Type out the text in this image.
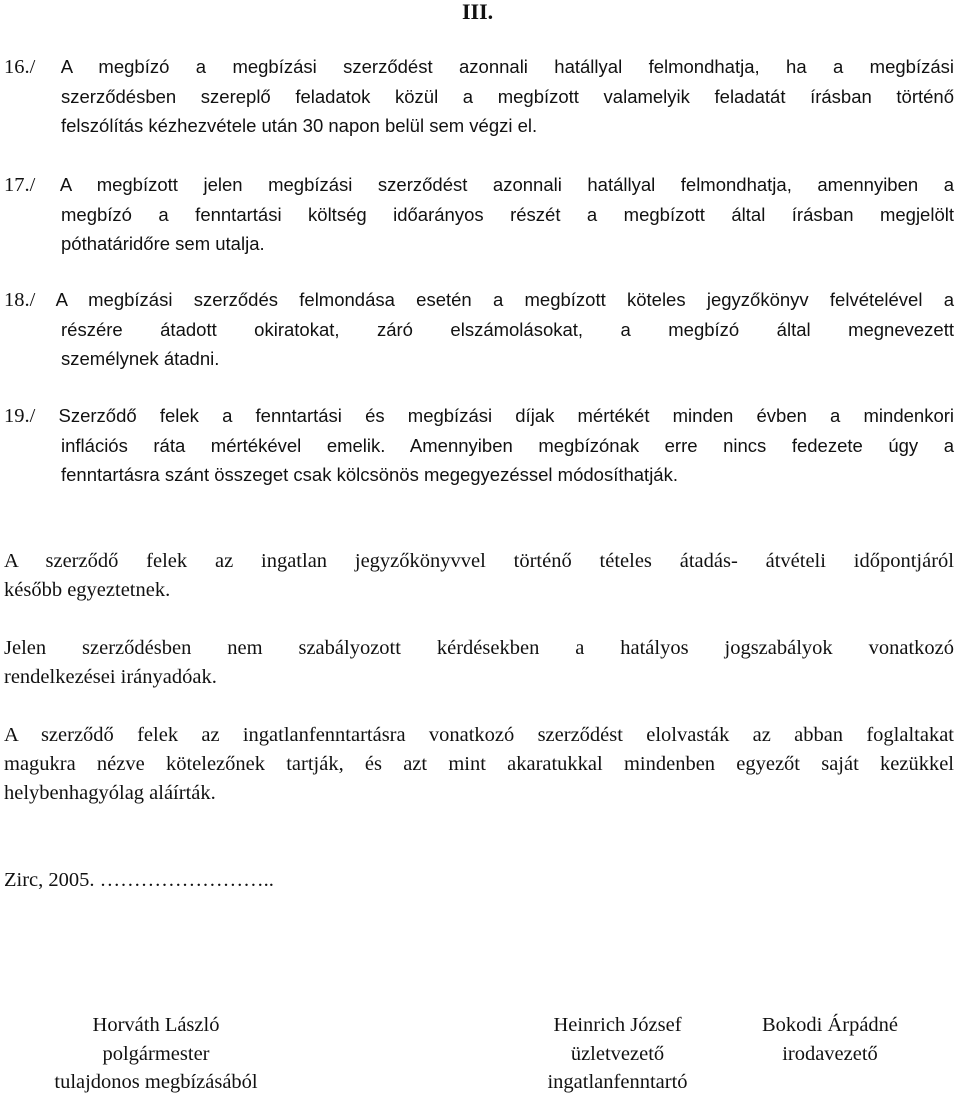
III.
16./ A megbízó a megbízási szerződést azonnali hatállyal felmondhatja, ha a megbízási
szerződésben szereplő feladatok közül a megbízott valamelyik feladatát írásban történő
felszólítás kézhezvétele után 30 napon belül sem végzi el.
17./ A megbízott jelen megbízási szerződést azonnali hatállyal felmondhatja, amennyiben a
megbízó a fenntartási költség időarányos részét a megbízott által írásban megjelölt
póthatáridőre sem utalja.
18./ A megbízási szerződés felmondása esetén a megbízott köteles jegyzőkönyv felvételével a
részére átadott okiratokat, záró elszámolásokat, a megbízó által megnevezett
személynek átadni.
19./ Szerződő felek a fenntartási és megbízási díjak mértékét minden évben a mindenkori
inflációs ráta mértékével emelik. Amennyiben megbízónak erre nincs fedezete úgy a
fenntartásra szánt összeget csak kölcsönös megegyezéssel módosíthatják.
A szerződő felek az ingatlan jegyzőkönyvvel történő tételes átadás- átvételi időpontjáról
később egyeztetnek.
Jelen szerződésben nem szabályozott kérdésekben a hatályos jogszabályok vonatkozó
rendelkezései irányadóak.
A szerződő felek az ingatlanfenntartásra vonatkozó szerződést elolvasták az abban foglaltakat
magukra nézve kötelezőnek tartják, és azt mint akaratukkal mindenben egyezőt saját kezükkel
helybenhagyólag aláírták.
Zirc, 2005. ……………………..
Horváth László
polgármester
tulajdonos megbízásából
Heinrich József
üzletvezető
ingatlanfenntartó
Bokodi Árpádné
irodavezető
